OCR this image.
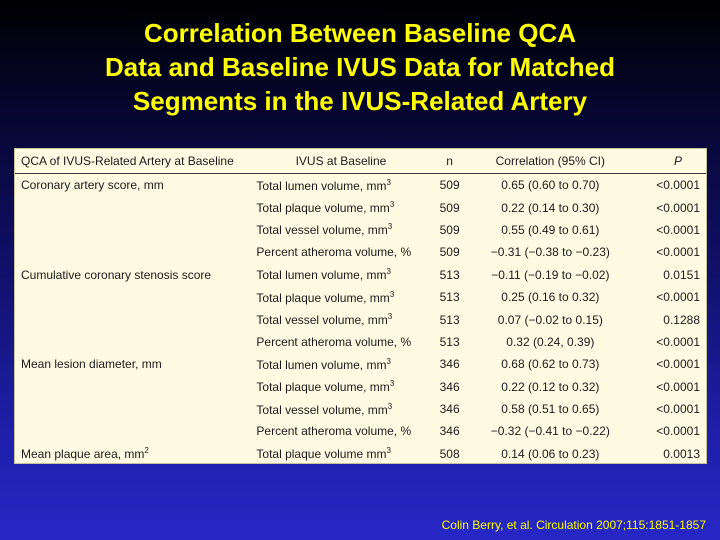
Correlation Between Baseline QCA
Data and Baseline IVUS Data for Matched
Segments in the IVUS-Related Artery
QCA of IVUS-Related Artery at Baseline	IVUS at Baseline	n	Correlation (95% CI)	P
Coronary artery score, mm	Total lumen volume, $mm^3$	509	0.65 (0.60 to 0.70)	<0.0001
	Total plaque volume, $mm^3$	509	0.22 (0.14 to 0.30)	<0.0001
	Total vessel volume, $mm^3$	509	0.55 (0.49 to 0.61)	<0.0001
	Percent atheroma volume, %	509	−0.31 (−0.38 to −0.23)	<0.0001
Cumulative coronary stenosis score	Total lumen volume, $mm^3$	513	−0.11 (−0.19 to −0.02)	0.0151
	Total plaque volume, $mm^3$	513	0.25 (0.16 to 0.32)	<0.0001
	Total vessel volume, $mm^3$	513	0.07 (−0.02 to 0.15)	0.1288
	Percent atheroma volume, %	513	0.32 (0.24, 0.39)	<0.0001
Mean lesion diameter, mm	Total lumen volume, $mm^3$	346	0.68 (0.62 to 0.73)	<0.0001
	Total plaque volume, $mm^3$	346	0.22 (0.12 to 0.32)	<0.0001
	Total vessel volume, $mm^3$	346	0.58 (0.51 to 0.65)	<0.0001
	Percent atheroma volume, %	346	−0.32 (−0.41 to −0.22)	<0.0001
Mean plaque area, $mm^2$	Total plaque volume $mm^3$	508	0.14 (0.06 to 0.23)	0.0013
Colin Berry, et al. Circulation 2007;115:1851-1857
